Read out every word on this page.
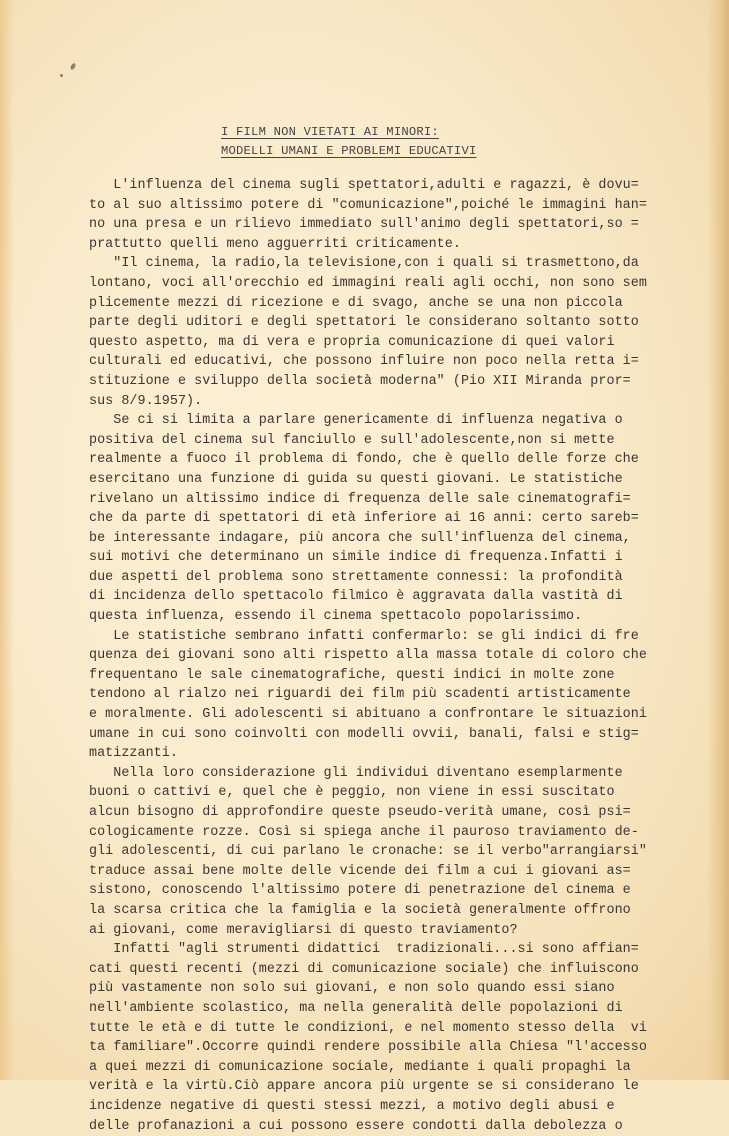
I FILM NON VIETATI AI MINORI:
MODELLI UMANI E PROBLEMI EDUCATIVI
L'influenza del cinema sugli spettatori,adulti e ragazzi, è dovu=
to al suo altissimo potere di "comunicazione",poiché le immagini han=
no una presa e un rilievo immediato sull'animo degli spettatori,so =
prattutto quelli meno agguerriti criticamente.
"Il cinema, la radio,la televisione,con i quali si trasmettono,da
lontano, voci all'orecchio ed immagini reali agli occhi, non sono sem
plicemente mezzi di ricezione e di svago, anche se una non piccola
parte degli uditori e degli spettatori le considerano soltanto sotto
questo aspetto, ma di vera e propria comunicazione di quei valori
culturali ed educativi, che possono influire non poco nella retta i=
stituzione e sviluppo della società moderna" (Pio XII Miranda pror=
sus 8/9.1957).
Se ci si limita a parlare genericamente di influenza negativa o
positiva del cinema sul fanciullo e sull'adolescente,non si mette
realmente a fuoco il problema di fondo, che è quello delle forze che
esercitano una funzione di guida su questi giovani. Le statistiche
rivelano un altissimo indice di frequenza delle sale cinematografi=
che da parte di spettatori di età inferiore ai 16 anni: certo sareb=
be interessante indagare, più ancora che sull'influenza del cinema,
sui motivi che determinano un simile indice di frequenza.Infatti i
due aspetti del problema sono strettamente connessi: la profondità
di incidenza dello spettacolo filmico è aggravata dalla vastità di
questa influenza, essendo il cinema spettacolo popolarissimo.
Le statistiche sembrano infatti confermarlo: se gli indici di fre
quenza dei giovani sono alti rispetto alla massa totale di coloro che
frequentano le sale cinematografiche, questi indici in molte zone
tendono al rialzo nei riguardi dei film più scadenti artisticamente
e moralmente. Gli adolescenti si abituano a confrontare le situazioni
umane in cui sono coinvolti con modelli ovvii, banali, falsi e stig=
matizzanti.
Nella loro considerazione gli individui diventano esemplarmente
buoni o cattivi e, quel che è peggio, non viene in essi suscitato
alcun bisogno di approfondire queste pseudo-verità umane, così psi=
cologicamente rozze. Così si spiega anche il pauroso traviamento de-
gli adolescenti, di cui parlano le cronache: se il verbo"arrangiarsi"
traduce assai bene molte delle vicende dei film a cui i giovani as=
sistono, conoscendo l'altissimo potere di penetrazione del cinema e
la scarsa critica che la famiglia e la società generalmente offrono
ai giovani, come meravigliarsi di questo traviamento?
Infatti "agli strumenti didattici  tradizionali...si sono affian=
cati questi recenti (mezzi di comunicazione sociale) che influiscono
più vastamente non solo sui giovani, e non solo quando essi siano
nell'ambiente scolastico, ma nella generalità delle popolazioni di
tutte le età e di tutte le condizioni, e nel momento stesso della  vi
ta familiare".Occorre quindi rendere possibile alla Chiesa "l'accesso
a quei mezzi di comunicazione sociale, mediante i quali propaghi la
verità e la virtù.Ciò appare ancora più urgente se si considerano le
incidenze negative di questi stessi mezzi, a motivo degli abusi e
delle profanazioni a cui possono essere condotti dalla debolezza o
